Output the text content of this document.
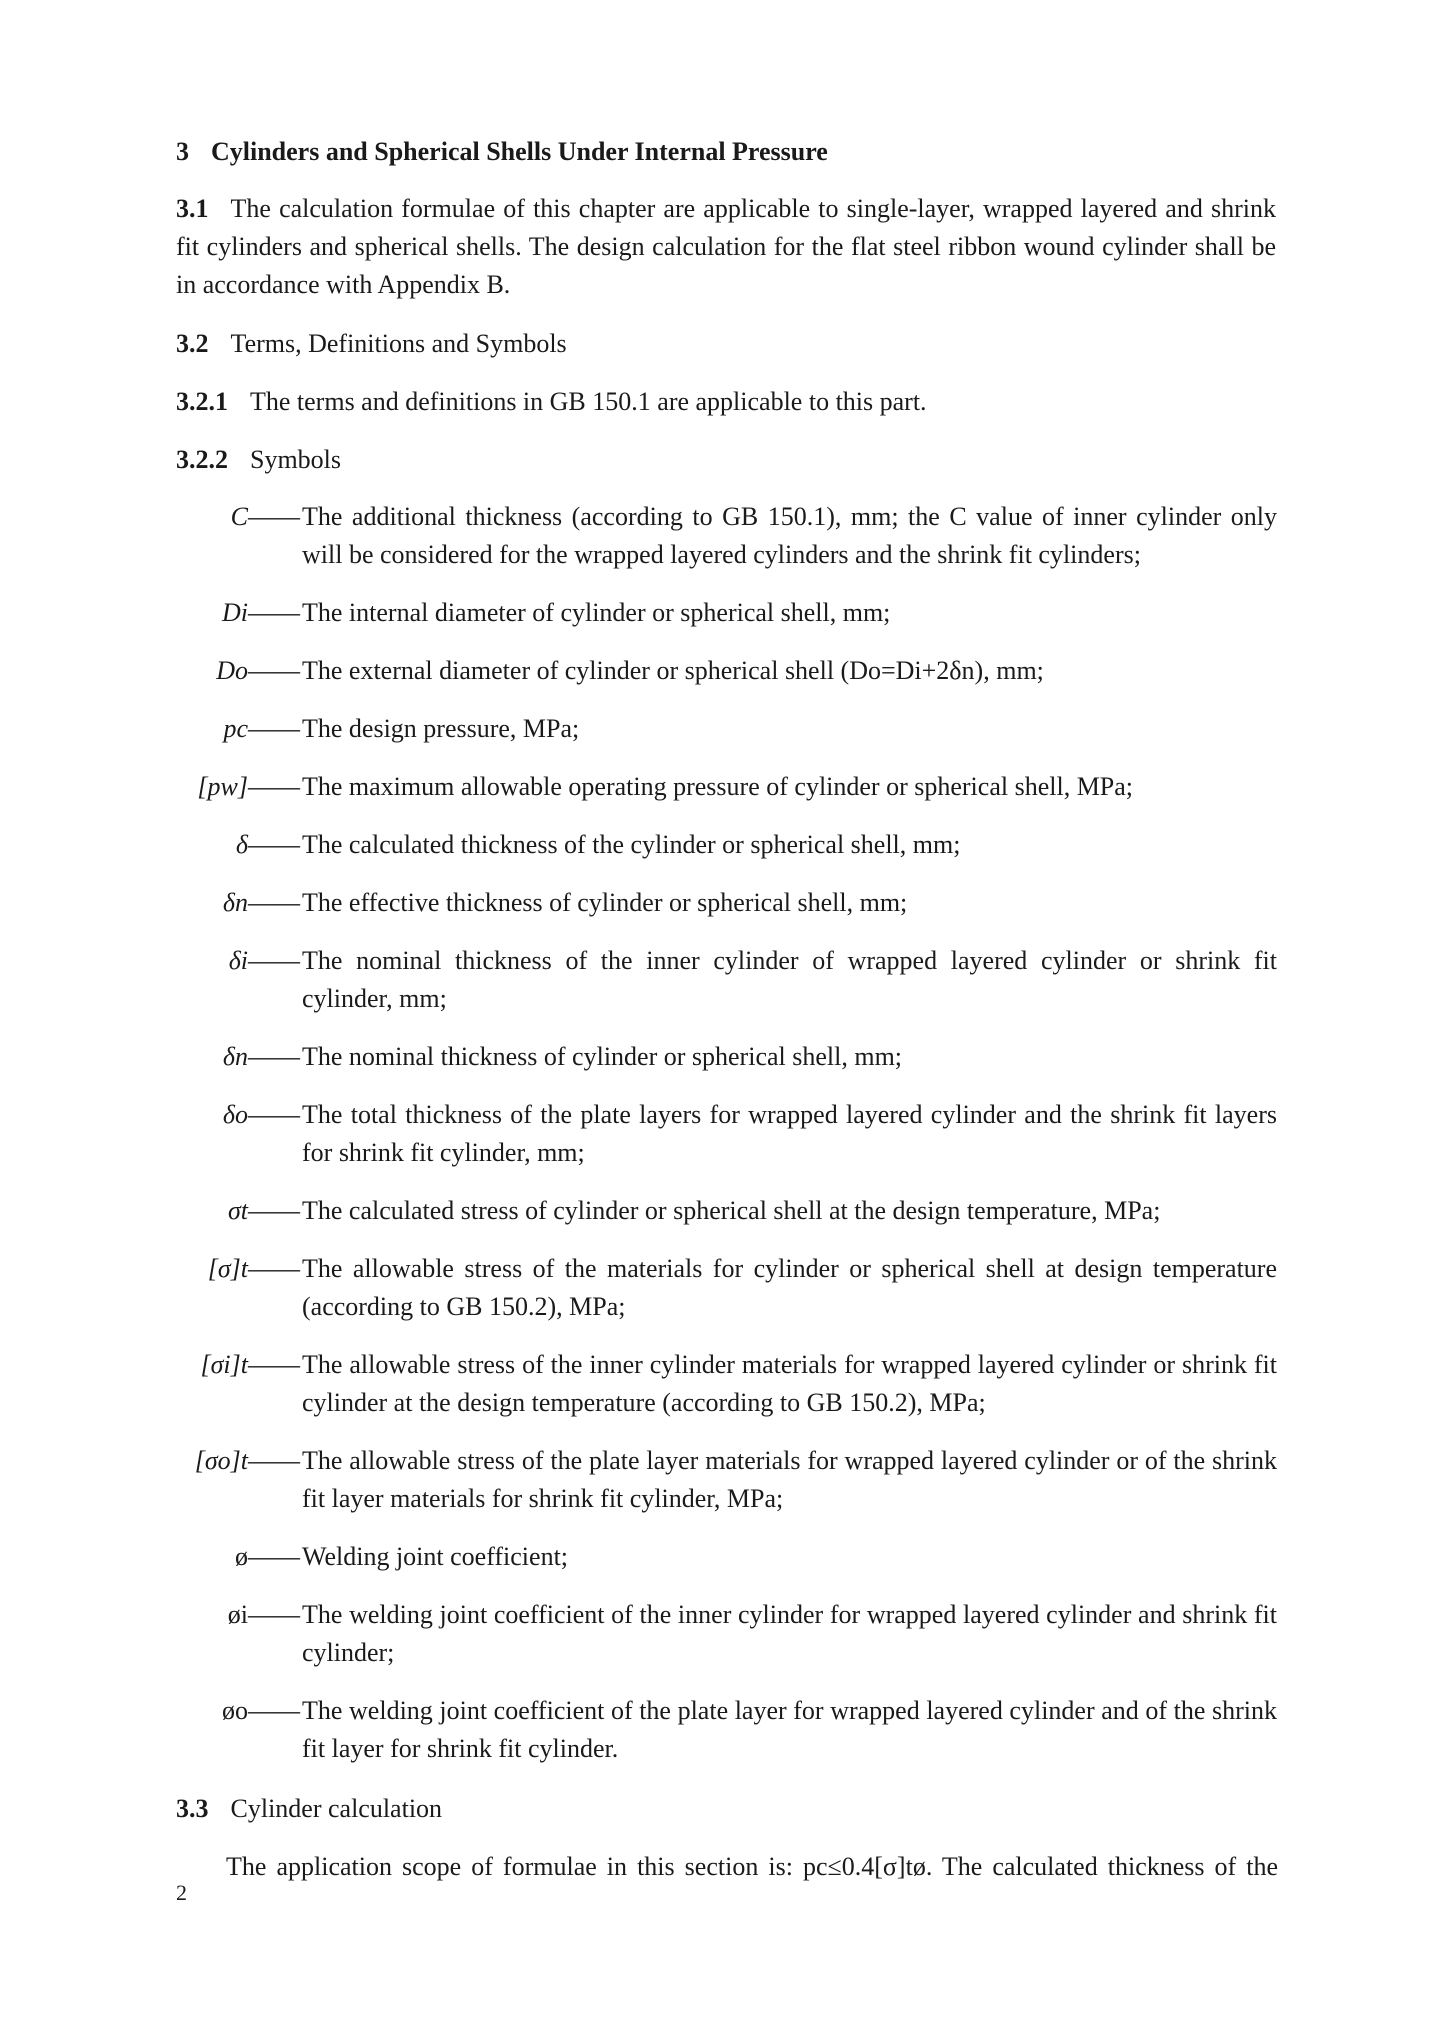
3 Cylinders and Spherical Shells Under Internal Pressure
3.1 The calculation formulae of this chapter are applicable to single-layer, wrapped layered and shrink fit cylinders and spherical shells. The design calculation for the flat steel ribbon wound cylinder shall be in accordance with Appendix B.
3.2 Terms, Definitions and Symbols
3.2.1 The terms and definitions in GB 150.1 are applicable to this part.
3.2.2 Symbols
C—— The additional thickness (according to GB 150.1), mm; the C value of inner cylinder only will be considered for the wrapped layered cylinders and the shrink fit cylinders;
Di—— The internal diameter of cylinder or spherical shell, mm;
Do—— The external diameter of cylinder or spherical shell (Do=Di+2δn), mm;
pc—— The design pressure, MPa;
[pw]—— The maximum allowable operating pressure of cylinder or spherical shell, MPa;
δ—— The calculated thickness of the cylinder or spherical shell, mm;
δn—— The effective thickness of cylinder or spherical shell, mm;
δi—— The nominal thickness of the inner cylinder of wrapped layered cylinder or shrink fit cylinder, mm;
δn—— The nominal thickness of cylinder or spherical shell, mm;
δo—— The total thickness of the plate layers for wrapped layered cylinder and the shrink fit layers for shrink fit cylinder, mm;
σt—— The calculated stress of cylinder or spherical shell at the design temperature, MPa;
[σ]t—— The allowable stress of the materials for cylinder or spherical shell at design temperature (according to GB 150.2), MPa;
[σi]t—— The allowable stress of the inner cylinder materials for wrapped layered cylinder or shrink fit cylinder at the design temperature (according to GB 150.2), MPa;
[σo]t—— The allowable stress of the plate layer materials for wrapped layered cylinder or of the shrink fit layer materials for shrink fit cylinder, MPa;
ø—— Welding joint coefficient;
øi—— The welding joint coefficient of the inner cylinder for wrapped layered cylinder and shrink fit cylinder;
øo—— The welding joint coefficient of the plate layer for wrapped layered cylinder and of the shrink fit layer for shrink fit cylinder.
3.3 Cylinder calculation
The application scope of formulae in this section is: pc≤0.4[σ]tø. The calculated thickness of the
2
